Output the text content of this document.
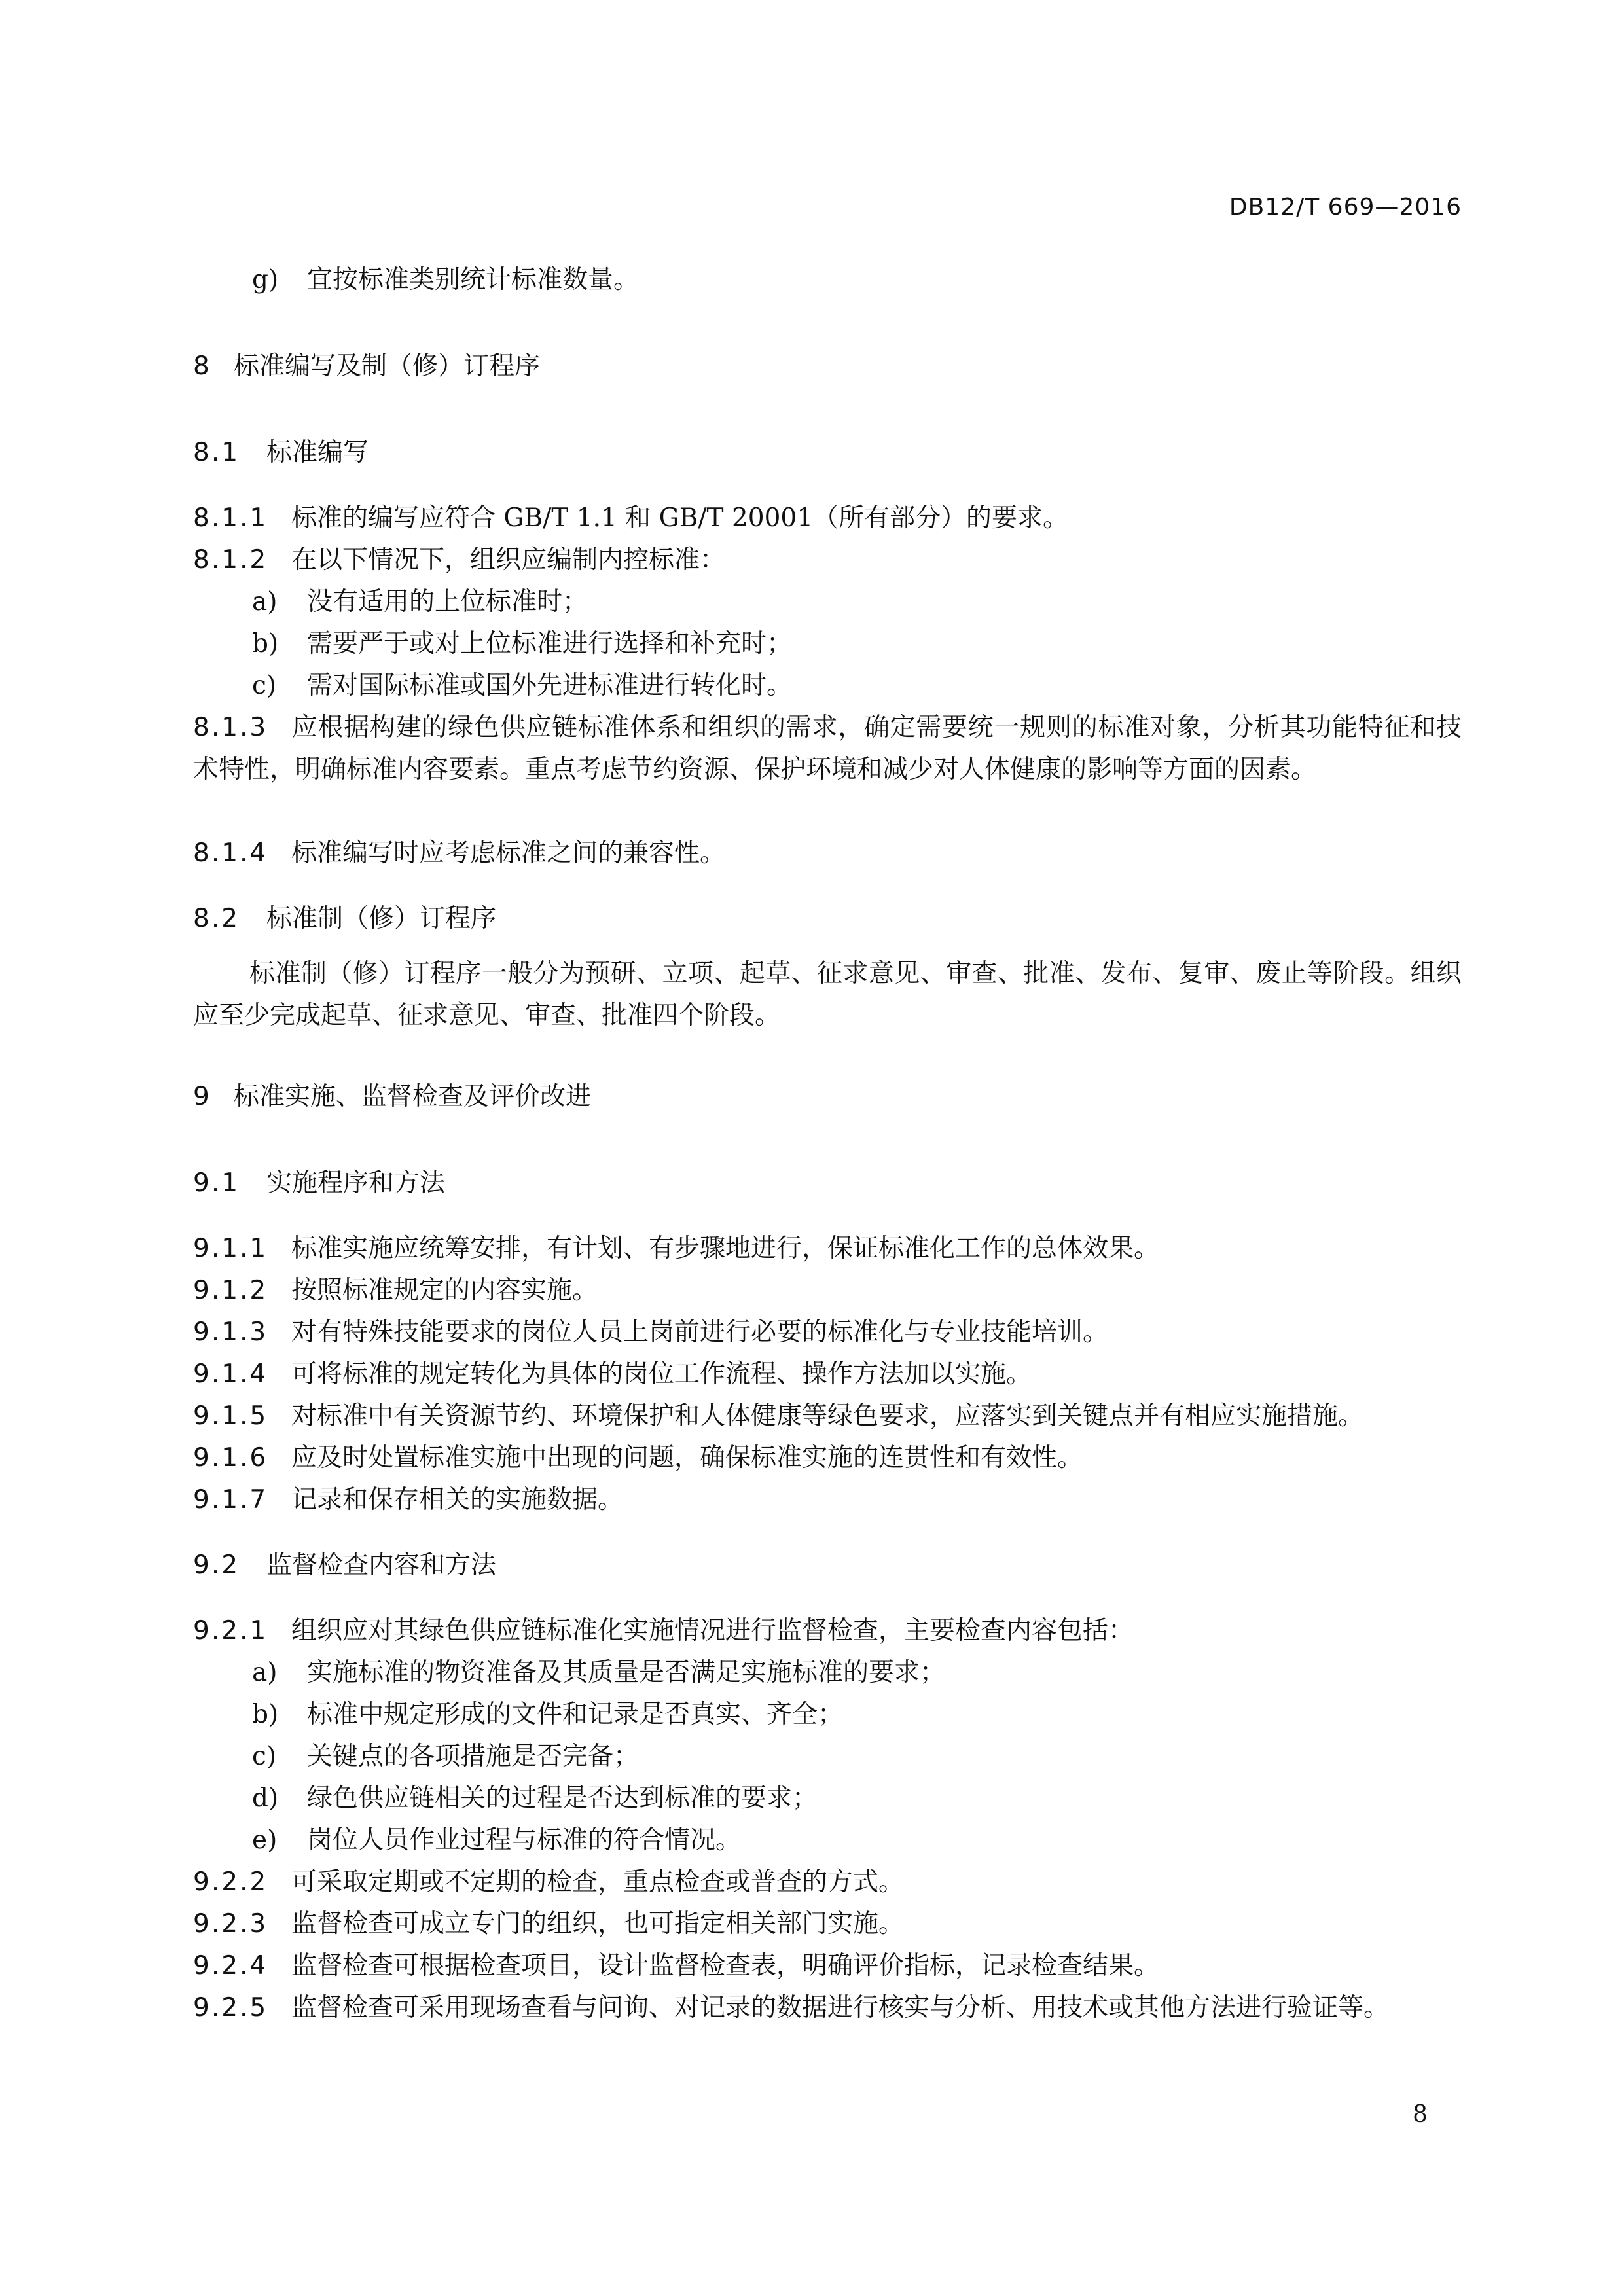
DB12/T 669—2016
g) 宜按标准类别统计标准数量。
8 标准编写及制（修）订程序
8.1 标准编写
8.1.1 标准的编写应符合 GB/T 1.1 和 GB/T 20001（所有部分）的要求。
8.1.2 在以下情况下，组织应编制内控标准：
a) 没有适用的上位标准时；
b) 需要严于或对上位标准进行选择和补充时；
c) 需对国际标准或国外先进标准进行转化时。
8.1.3 应根据构建的绿色供应链标准体系和组织的需求，确定需要统一规则的标准对象，分析其功能特征和技术特性，明确标准内容要素。重点考虑节约资源、保护环境和减少对人体健康的影响等方面的因素。
8.1.4 标准编写时应考虑标准之间的兼容性。
8.2 标准制（修）订程序
标准制（修）订程序一般分为预研、立项、起草、征求意见、审查、批准、发布、复审、废止等阶段。组织应至少完成起草、征求意见、审查、批准四个阶段。
9 标准实施、监督检查及评价改进
9.1 实施程序和方法
9.1.1 标准实施应统筹安排，有计划、有步骤地进行，保证标准化工作的总体效果。
9.1.2 按照标准规定的内容实施。
9.1.3 对有特殊技能要求的岗位人员上岗前进行必要的标准化与专业技能培训。
9.1.4 可将标准的规定转化为具体的岗位工作流程、操作方法加以实施。
9.1.5 对标准中有关资源节约、环境保护和人体健康等绿色要求，应落实到关键点并有相应实施措施。
9.1.6 应及时处置标准实施中出现的问题，确保标准实施的连贯性和有效性。
9.1.7 记录和保存相关的实施数据。
9.2 监督检查内容和方法
9.2.1 组织应对其绿色供应链标准化实施情况进行监督检查，主要检查内容包括：
a) 实施标准的物资准备及其质量是否满足实施标准的要求；
b) 标准中规定形成的文件和记录是否真实、齐全；
c) 关键点的各项措施是否完备；
d) 绿色供应链相关的过程是否达到标准的要求；
e) 岗位人员作业过程与标准的符合情况。
9.2.2 可采取定期或不定期的检查，重点检查或普查的方式。
9.2.3 监督检查可成立专门的组织，也可指定相关部门实施。
9.2.4 监督检查可根据检查项目，设计监督检查表，明确评价指标，记录检查结果。
9.2.5 监督检查可采用现场查看与问询、对记录的数据进行核实与分析、用技术或其他方法进行验证等。
8
